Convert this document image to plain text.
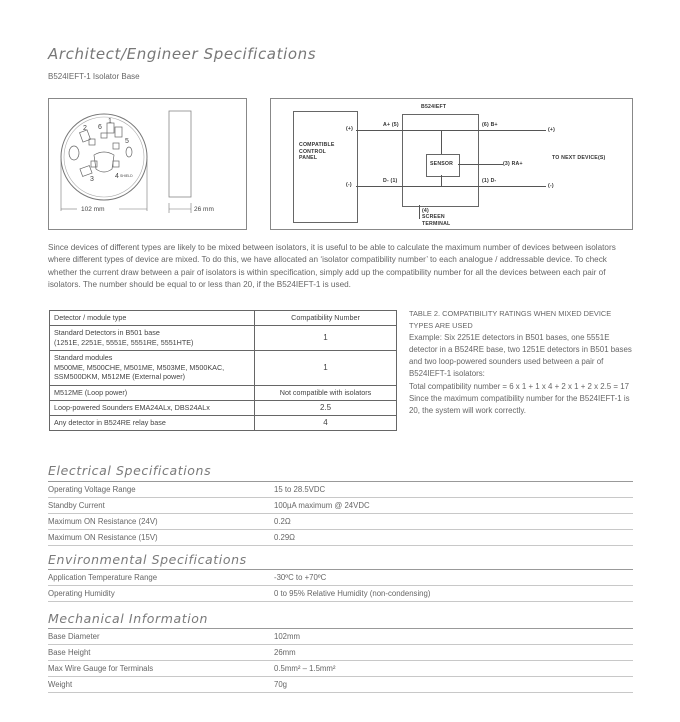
Architect/Engineer Specifications
B524IEFT-1 Isolator Base
1
2
3	4
5
6
SHIELD
102 mm	26 mm
COMPATIBLE
CONTROL
PANEL
B524IEFT
SENSOR
(+)
(-)
A+ (5)
D- (1)
(6) B+
(1) D-
(3) RA+
(+)
(-)
TO NEXT DEVICE(S)
(4)
SCREEN
TERMINAL
Since devices of different types are likely to be mixed between isolators, it is useful to be able to calculate the maximum number of devices between isolators where different types of device are mixed. To do this, we have allocated an ‘isolator compatibility number’ to each analogue / addressable device. To check whether the current draw between a pair of isolators is within specification, simply add up the compatibility number for all the devices between each pair of isolators. The number should be equal to or less than 20, if the B524IEFT-1 is used.
Detector / module type	Compatibility Number

Standard Detectors in B501 base
(1251E, 2251E, 5551E, 5551RE, 5551HTE)	1

Standard modules
M500ME, M500CHE, M501ME, M503ME, M500KAC,
SSM500DKM, M512ME (External power)	1
M512ME (Loop power)	Not compatible with isolators
Loop-powered Sounders EMA24ALx, DBS24ALx	2.5
Any detector in B524RE relay base	4
TABLE 2. COMPATIBILITY RATINGS WHEN MIXED DEVICE TYPES ARE USED
Example: Six 2251E detectors in B501 bases, one 5551E detector in a B524RE base, two 1251E detectors in B501 bases and two loop-powered sounders used between a pair of B524IEFT-1 isolators:
Total compatibility number = 6 x 1 + 1 x 4 + 2 x 1 + 2 x 2.5 = 17
Since the maximum compatibility number for the B524IEFT-1 is 20, the system will work correctly.
Electrical Specifications
Operating Voltage Range	15 to 28.5VDC
Standby Current	100µA maximum @ 24VDC
Maximum ON Resistance (24V)	0.2Ω
Maximum ON Resistance (15V)	0.29Ω
Environmental Specifications
Application Temperature Range	-30ºC to +70ºC
Operating Humidity	0 to 95% Relative Humidity (non-condensing)
Mechanical Information
Base Diameter	102mm
Base Height	26mm
Max Wire Gauge for Terminals	0.5mm² – 1.5mm²
Weight	70g
